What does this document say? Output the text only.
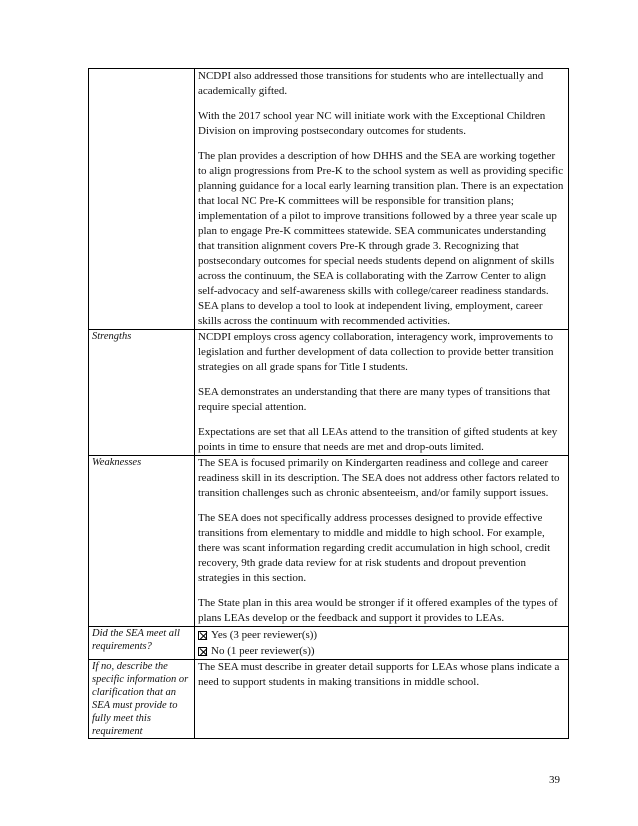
	NCDPI also addressed those transitions for students who are intellectually and academically gifted.

With the 2017 school year NC will initiate work with the Exceptional Children Division on improving postsecondary outcomes for students.

The plan provides a description of how DHHS and the SEA are working together to align progressions from Pre-K to the school system as well as providing specific planning guidance for a local early learning transition plan. There is an expectation that local NC Pre-K committees will be responsible for transition plans; implementation of a pilot to improve transitions followed by a three year scale up plan to engage Pre-K committees statewide. SEA communicates understanding that transition alignment covers Pre-K through grade 3. Recognizing that postsecondary outcomes for special needs students depend on alignment of skills across the continuum, the SEA is collaborating with the Zarrow Center to align self-advocacy and self-awareness skills with college/career readiness standards. SEA plans to develop a tool to look at independent living, employment, career skills across the continuum with recommended activities.

Strengths	NCDPI employs cross agency collaboration, interagency work, improvements to legislation and further development of data collection to provide better transition strategies on all grade spans for Title I students.

SEA demonstrates an understanding that there are many types of transitions that require special attention.

Expectations are set that all LEAs attend to the transition of gifted students at key points in time to ensure that needs are met and drop-outs limited.

Weaknesses	The SEA is focused primarily on Kindergarten readiness and college and career readiness skill in its description. The SEA does not address other factors related to transition challenges such as chronic absenteeism, and/or family support issues.

The SEA does not specifically address processes designed to provide effective transitions from elementary to middle and middle to high school. For example, there was scant information regarding credit accumulation in high school, credit recovery, 9th grade data review for at risk students and dropout prevention strategies in this section.

The State plan in this area would be stronger if it offered examples of the types of plans LEAs develop or the feedback and support it provides to LEAs.

Did the SEA meet all requirements?	Yes (3 peer reviewer(s))
No (1 peer reviewer(s))

If no, describe the specific information or clarification that an SEA must provide to fully meet this requirement	The SEA must describe in greater detail supports for LEAs whose plans indicate a need to support students in making transitions in middle school.

39
